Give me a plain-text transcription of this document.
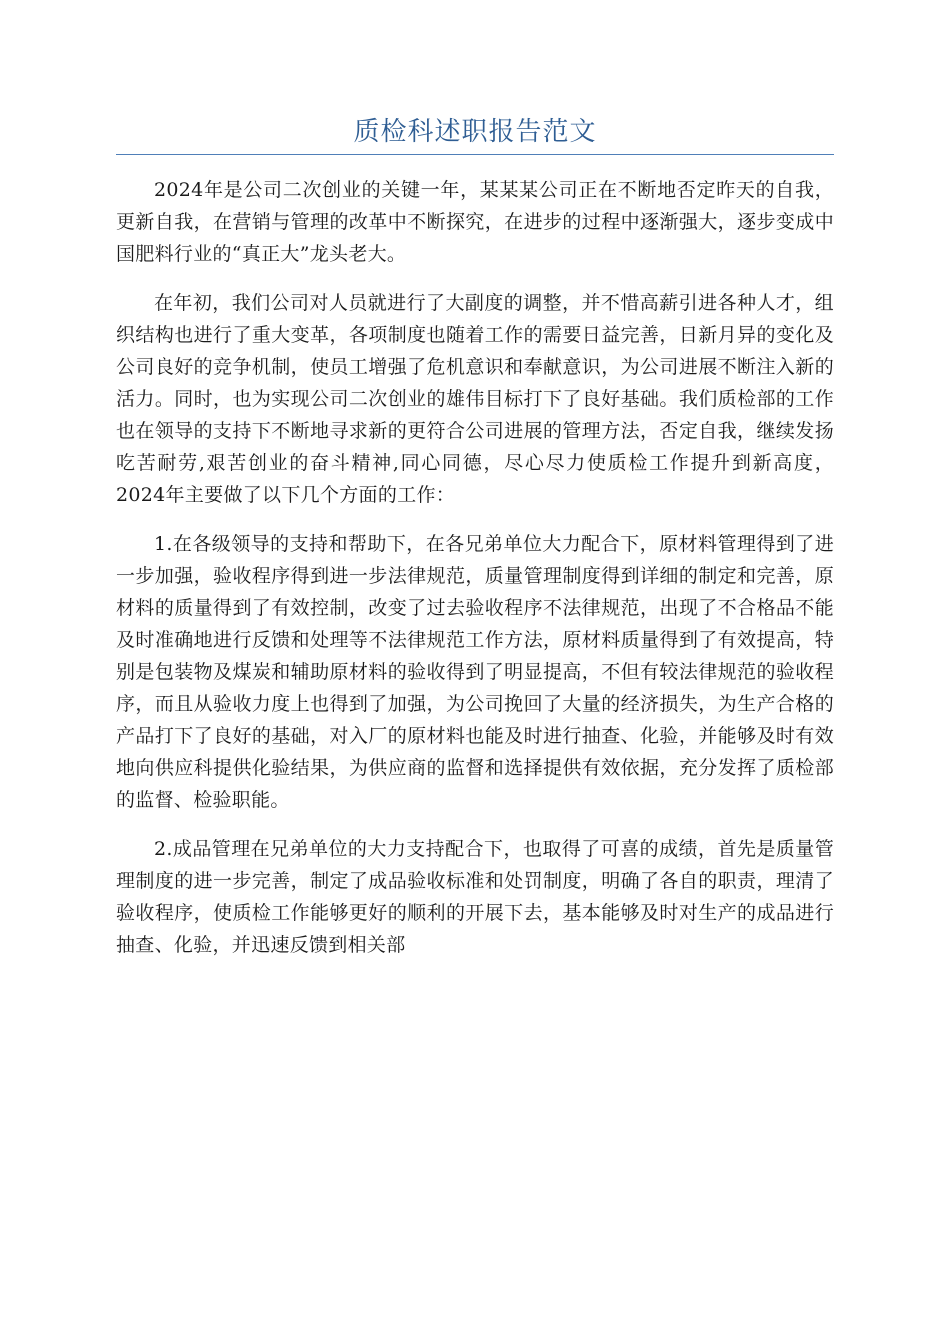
质检科述职报告范文

2024年是公司二次创业的关键一年，某某某公司正在不断地否定昨天的自我，更新自我，在营销与管理的改革中不断探究，在进步的过程中逐渐强大，逐步变成中国肥料行业的“真正大”龙头老大。

在年初，我们公司对人员就进行了大副度的调整，并不惜高薪引进各种人才，组织结构也进行了重大变革，各项制度也随着工作的需要日益完善，日新月异的变化及公司良好的竞争机制，使员工增强了危机意识和奉献意识，为公司进展不断注入新的活力。同时，也为实现公司二次创业的雄伟目标打下了良好基础。我们质检部的工作也在领导的支持下不断地寻求新的更符合公司进展的管理方法，否定自我，继续发扬吃苦耐劳,艰苦创业的奋斗精神,同心同德，尽心尽力使质检工作提升到新高度，2024年主要做了以下几个方面的工作：

1.在各级领导的支持和帮助下，在各兄弟单位大力配合下，原材料管理得到了进一步加强，验收程序得到进一步法律规范，质量管理制度得到详细的制定和完善，原材料的质量得到了有效控制，改变了过去验收程序不法律规范，出现了不合格品不能及时准确地进行反馈和处理等不法律规范工作方法，原材料质量得到了有效提高，特别是包装物及煤炭和辅助原材料的验收得到了明显提高，不但有较法律规范的验收程序，而且从验收力度上也得到了加强，为公司挽回了大量的经济损失，为生产合格的产品打下了良好的基础，对入厂的原材料也能及时进行抽查、化验，并能够及时有效地向供应科提供化验结果，为供应商的监督和选择提供有效依据，充分发挥了质检部的监督、检验职能。

2.成品管理在兄弟单位的大力支持配合下，也取得了可喜的成绩，首先是质量管理制度的进一步完善，制定了成品验收标准和处罚制度，明确了各自的职责，理清了验收程序，使质检工作能够更好的顺利的开展下去，基本能够及时对生产的成品进行抽查、化验，并迅速反馈到相关部
